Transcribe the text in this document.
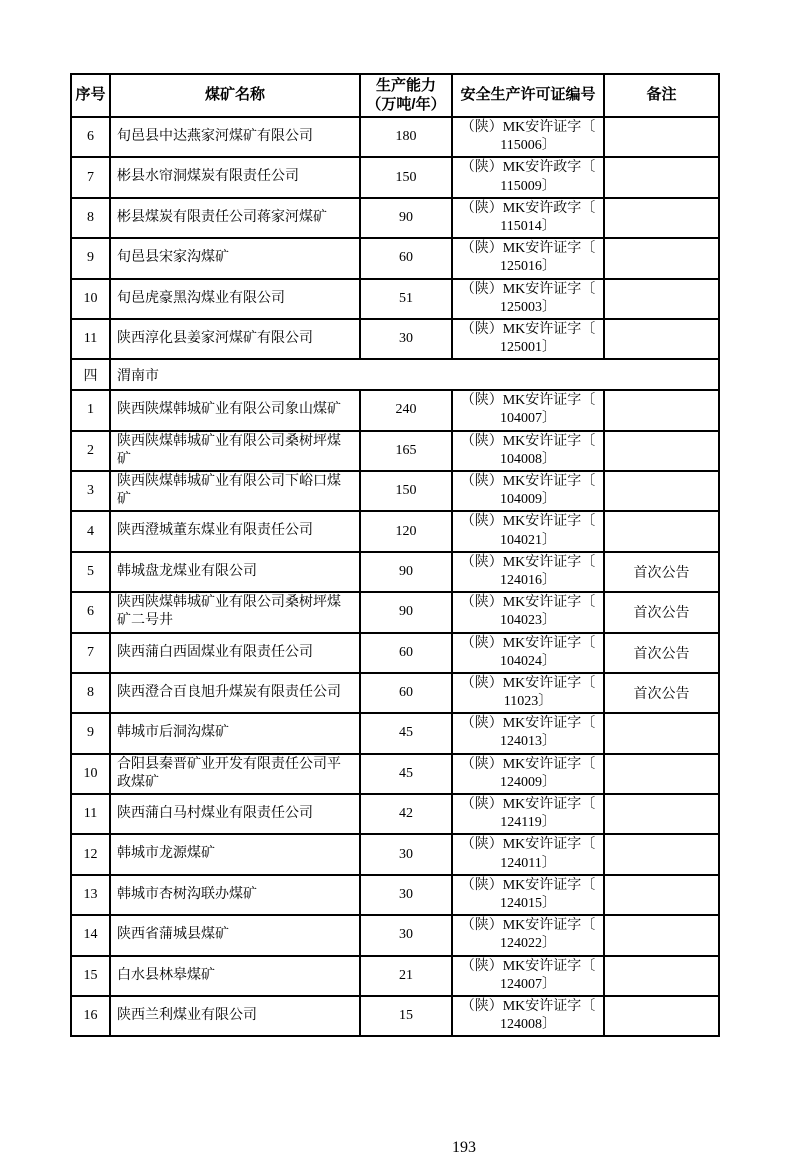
序号	煤矿名称	生产能力
（万吨/年）	安全生产许可证编号	备注
6	旬邑县中达燕家河煤矿有限公司	180	（陕）MK安许证字〔
115006〕	

7	彬县水帘洞煤炭有限责任公司	150	（陕）MK安许政字〔
115009〕	

8	彬县煤炭有限责任公司蒋家河煤矿	90	（陕）MK安许政字〔
115014〕	

9	旬邑县宋家沟煤矿	60	（陕）MK安许证字〔
125016〕	

10	旬邑虎豪黑沟煤业有限公司	51	（陕）MK安许证字〔
125003〕	

11	陕西淳化县姜家河煤矿有限公司	30	（陕）MK安许证字〔
125001〕	

四	渭南市			
1	陕西陕煤韩城矿业有限公司象山煤矿	240	（陕）MK安许证字〔
104007〕	

2	陕西陕煤韩城矿业有限公司桑树坪煤矿	165	（陕）MK安许证字〔
104008〕	

3	陕西陕煤韩城矿业有限公司下峪口煤矿	150	（陕）MK安许证字〔
104009〕	

4	陕西澄城董东煤业有限责任公司	120	（陕）MK安许证字〔
104021〕	

5	韩城盘龙煤业有限公司	90	（陕）MK安许证字〔
124016〕	首次公告
6	陕西陕煤韩城矿业有限公司桑树坪煤矿二号井	90	（陕）MK安许证字〔
104023〕	首次公告
7	陕西蒲白西固煤业有限责任公司	60	（陕）MK安许证字〔
104024〕	首次公告
8	陕西澄合百良旭升煤炭有限责任公司	60	（陕）MK安许证字〔
11023〕	首次公告
9	韩城市后洞沟煤矿	45	（陕）MK安许证字〔
124013〕	

10	合阳县秦晋矿业开发有限责任公司平政煤矿	45	（陕）MK安许证字〔
124009〕	

11	陕西蒲白马村煤业有限责任公司	42	（陕）MK安许证字〔
124119〕	

12	韩城市龙源煤矿	30	（陕）MK安许证字〔
124011〕	

13	韩城市杏树沟联办煤矿	30	（陕）MK安许证字〔
124015〕	

14	陕西省蒲城县煤矿	30	（陕）MK安许证字〔
124022〕	

15	白水县林皋煤矿	21	（陕）MK安许证字〔
124007〕	

16	陕西兰利煤业有限公司	15	（陕）MK安许证字〔
124008〕	

193
